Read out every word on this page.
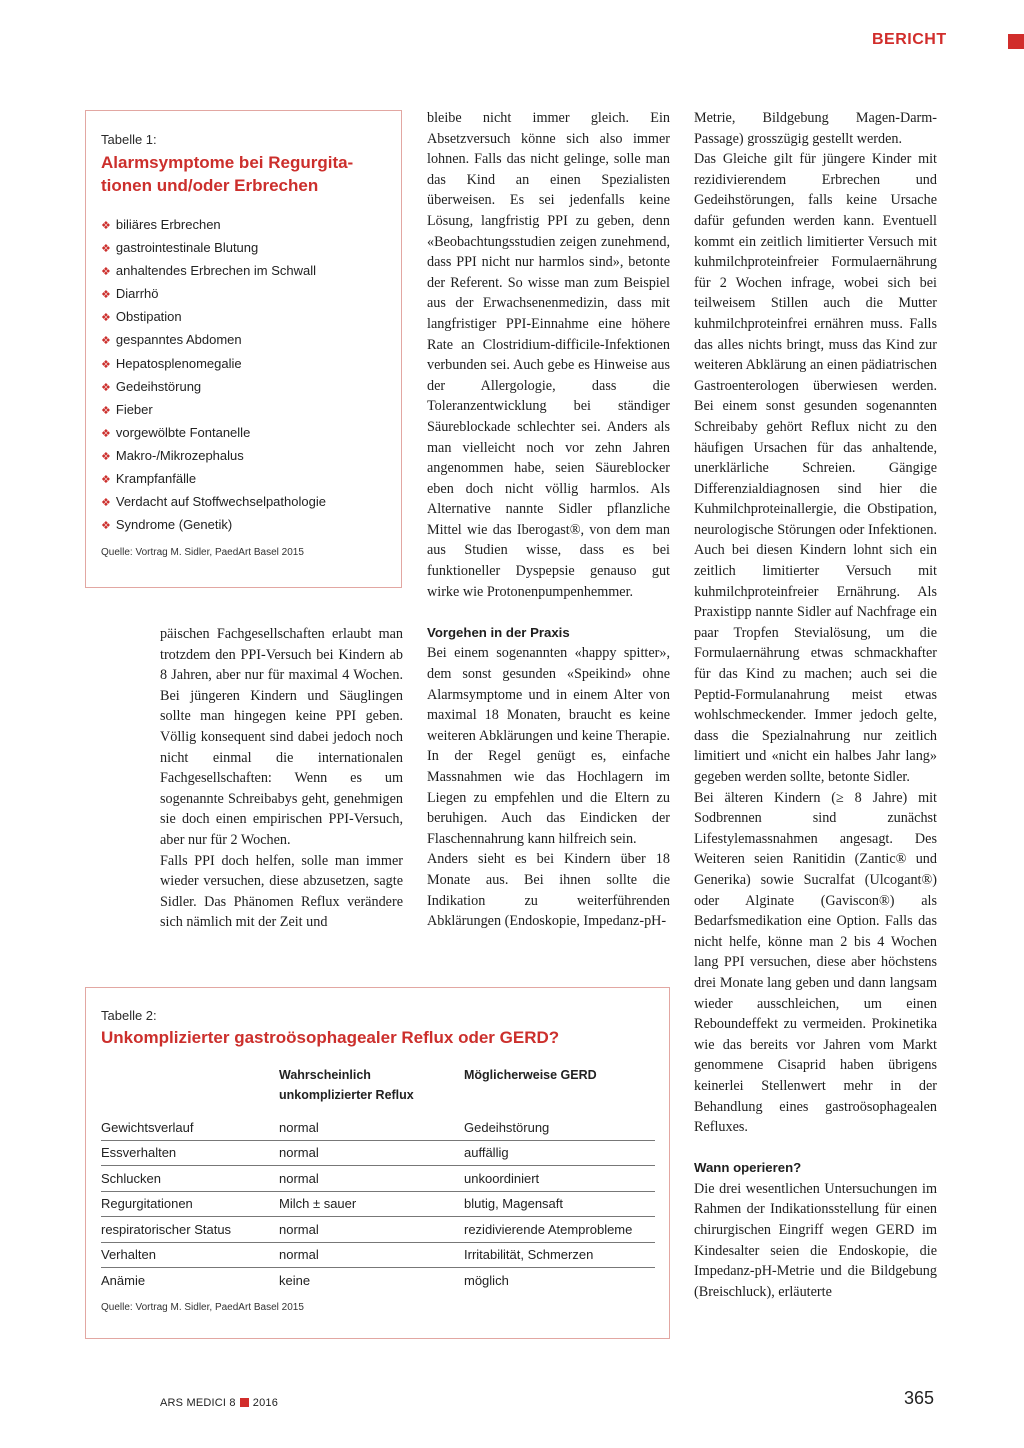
BERICHT
Tabelle 1:
Alarmsymptome bei Regurgita-
tionen und/oder Erbrechen
❖ biliäres Erbrechen
❖ gastrointestinale Blutung
❖ anhaltendes Erbrechen im Schwall
❖ Diarrhö
❖ Obstipation
❖ gespanntes Abdomen
❖ Hepatosplenomegalie
❖ Gedeihstörung
❖ Fieber
❖ vorgewölbte Fontanelle
❖ Makro-/Mikrozephalus
❖ Krampfanfälle
❖ Verdacht auf Stoffwechselpathologie
❖ Syndrome (Genetik)
Quelle: Vortrag M. Sidler, PaedArt Basel 2015

päischen Fachgesellschaften erlaubt man trotzdem den PPI-Versuch bei Kindern ab 8 Jahren, aber nur für maximal 4 Wochen. Bei jüngeren Kindern und Säuglingen sollte man hingegen keine PPI geben. Völlig konsequent sind dabei jedoch noch nicht einmal die internationalen Fachgesellschaften: Wenn es um sogenannte Schreibabys geht, genehmigen sie doch einen empirischen PPI-Versuch, aber nur für 2 Wochen.

Falls PPI doch helfen, solle man immer wieder versuchen, diese abzusetzen, sagte Sidler. Das Phänomen Reflux verändere sich nämlich mit der Zeit und

bleibe nicht immer gleich. Ein Absetzversuch könne sich also immer lohnen. Falls das nicht gelinge, solle man das Kind an einen Spezialisten überweisen. Es sei jedenfalls keine Lösung, langfristig PPI zu geben, denn «Beobachtungsstudien zeigen zunehmend, dass PPI nicht nur harmlos sind», betonte der Referent. So wisse man zum Beispiel aus der Erwachsenenmedizin, dass mit langfristiger PPI-Einnahme eine höhere Rate an Clostridium-difficile-Infektionen verbunden sei. Auch gebe es Hinweise aus der Allergologie, dass die Toleranzentwicklung bei ständiger Säureblockade schlechter sei. Anders als man vielleicht noch vor zehn Jahren angenommen habe, seien Säureblocker eben doch nicht völlig harmlos. Als Alternative nannte Sidler pflanzliche Mittel wie das Iberogast®, von dem man aus Studien wisse, dass es bei funktioneller Dyspepsie genauso gut wirke wie Protonenpumpenhemmer.

Vorgehen in der Praxis

Bei einem sogenannten «happy spitter», dem sonst gesunden «Speikind» ohne Alarmsymptome und in einem Alter von maximal 18 Monaten, braucht es keine weiteren Abklärungen und keine Therapie. In der Regel genügt es, einfache Massnahmen wie das Hochlagern im Liegen zu empfehlen und die Eltern zu beruhigen. Auch das Eindicken der Flaschennahrung kann hilfreich sein.

Anders sieht es bei Kindern über 18 Monate aus. Bei ihnen sollte die Indikation zu weiterführenden Abklärungen (Endoskopie, Impedanz-pH-

Metrie, Bildgebung Magen-Darm-Passage) grosszügig gestellt werden.

Das Gleiche gilt für jüngere Kinder mit rezidivierendem Erbrechen und Gedeihstörungen, falls keine Ursache dafür gefunden werden kann. Eventuell kommt ein zeitlich limitierter Versuch mit kuhmilchproteinfreier Formulaernährung für 2 Wochen infrage, wobei sich bei teilweisem Stillen auch die Mutter kuhmilchproteinfrei ernähren muss. Falls das alles nichts bringt, muss das Kind zur weiteren Abklärung an einen pädiatrischen Gastroenterologen überwiesen werden. Bei einem sonst gesunden sogenannten Schreibaby gehört Reflux nicht zu den häufigen Ursachen für das anhaltende, unerklärliche Schreien. Gängige Differenzialdiagnosen sind hier die Kuhmilchproteinallergie, die Obstipation, neurologische Störungen oder Infektionen. Auch bei diesen Kindern lohnt sich ein zeitlich limitierter Versuch mit kuhmilchproteinfreier Ernährung. Als Praxistipp nannte Sidler auf Nachfrage ein paar Tropfen Stevialösung, um die Formulaernährung etwas schmackhafter für das Kind zu machen; auch sei die Peptid-Formulanahrung meist etwas wohlschmeckender. Immer jedoch gelte, dass die Spezialnahrung nur zeitlich limitiert und «nicht ein halbes Jahr lang» gegeben werden sollte, betonte Sidler.

Bei älteren Kindern (≥ 8 Jahre) mit Sodbrennen sind zunächst Lifestylemassnahmen angesagt. Des Weiteren seien Ranitidin (Zantic® und Generika) sowie Sucralfat (Ulcogant®) oder Alginate (Gaviscon®) als Bedarfsmedikation eine Option. Falls das nicht helfe, könne man 2 bis 4 Wochen lang PPI versuchen, diese aber höchstens drei Monate lang geben und dann langsam wieder ausschleichen, um einen Reboundeffekt zu vermeiden. Prokinetika wie das bereits vor Jahren vom Markt genommene Cisaprid haben übrigens keinerlei Stellenwert mehr in der Behandlung eines gastroösophagealen Refluxes.

Wann operieren?

Die drei wesentlichen Untersuchungen im Rahmen der Indikationsstellung für einen chirurgischen Eingriff wegen GERD im Kindesalter seien die Endoskopie, die Impedanz-pH-Metrie und die Bildgebung (Breischluck), erläuterte

Tabelle 2:
Unkomplizierter gastroösophagealer Reflux oder GERD?
	Wahrscheinlich unkomplizierter Reflux	Möglicherweise GERD
Gewichtsverlauf	normal	Gedeihstörung
Essverhalten	normal	auffällig
Schlucken	normal	unkoordiniert
Regurgitationen	Milch ± sauer	blutig, Magensaft
respiratorischer Status	normal	rezidivierende Atemprobleme
Verhalten	normal	Irritabilität, Schmerzen
Anämie	keine	möglich
Quelle: Vortrag M. Sidler, PaedArt Basel 2015
ARS MEDICI 8 2016	365
